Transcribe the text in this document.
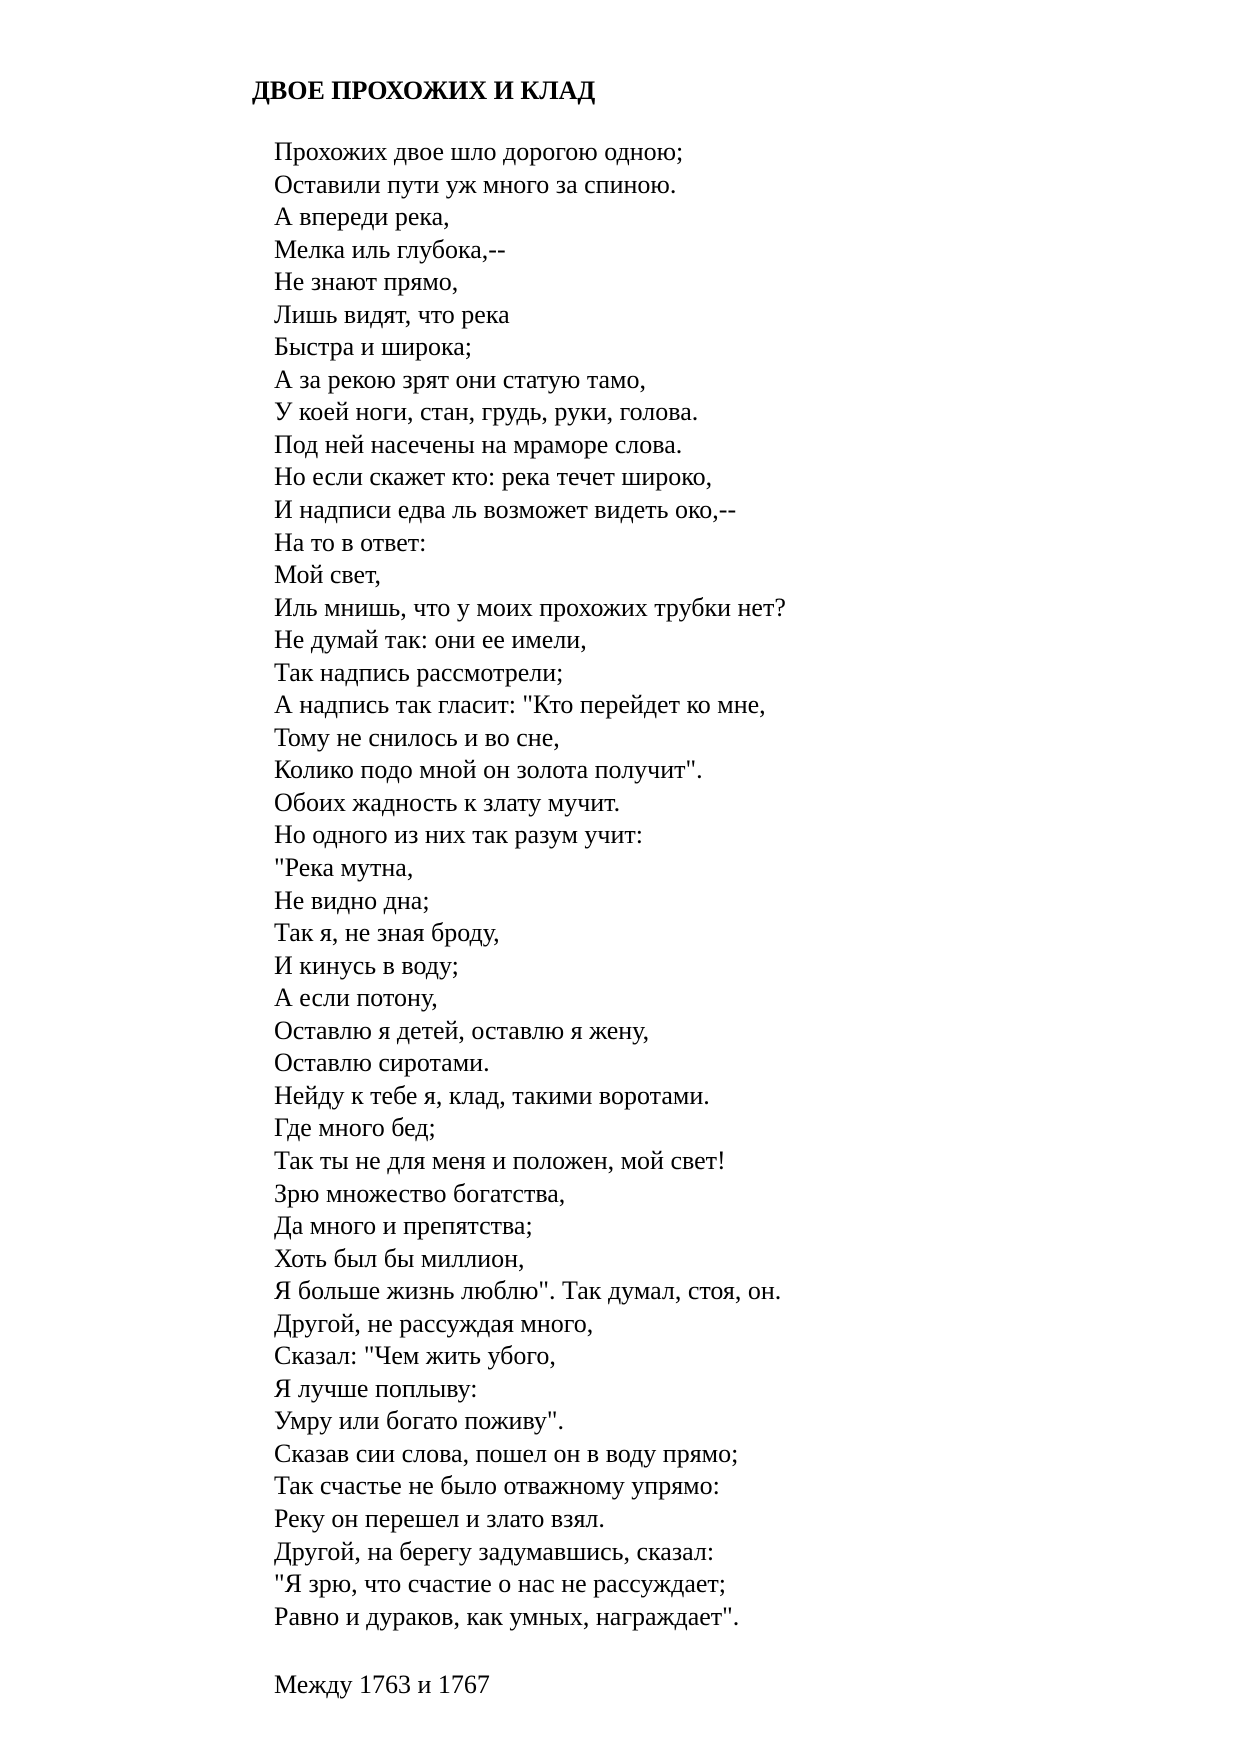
ДВОЕ ПРОХОЖИХ И КЛАД
Прохожих двое шло дорогою одною;
Оставили пути уж много за спиною.
А впереди река,
Мелка иль глубока,--
Не знают прямо,
Лишь видят, что река
Быстра и широка;
А за рекою зрят они статую тамо,
У коей ноги, стан, грудь, руки, голова.
Под ней насечены на мраморе слова.
Но если скажет кто: река течет широко,
И надписи едва ль возможет видеть око,--
На то в ответ:
Мой свет,
Иль мнишь, что у моих прохожих трубки нет?
Не думай так: они ее имели,
Так надпись рассмотрели;
А надпись так гласит: "Кто перейдет ко мне,
Тому не снилось и во сне,
Колико подо мной он золота получит".
Обоих жадность к злату мучит.
Но одного из них так разум учит:
"Река мутна,
Не видно дна;
Так я, не зная броду,
И кинусь в воду;
А если потону,
Оставлю я детей, оставлю я жену,
Оставлю сиротами.
Нейду к тебе я, клад, такими воротами.
Где много бед;
Так ты не для меня и положен, мой свет!
Зрю множество богатства,
Да много и препятства;
Хоть был бы миллион,
Я больше жизнь люблю". Так думал, стоя, он.
Другой, не рассуждая много,
Сказал: "Чем жить убого,
Я лучше поплыву:
Умру или богато поживу".
Сказав сии слова, пошел он в воду прямо;
Так счастье не было отважному упрямо:
Реку он перешел и злато взял.
Другой, на берегу задумавшись, сказал:
"Я зрю, что счастие о нас не рассуждает;
Равно и дураков, как умных, награждает".

Между 1763 и 1767
